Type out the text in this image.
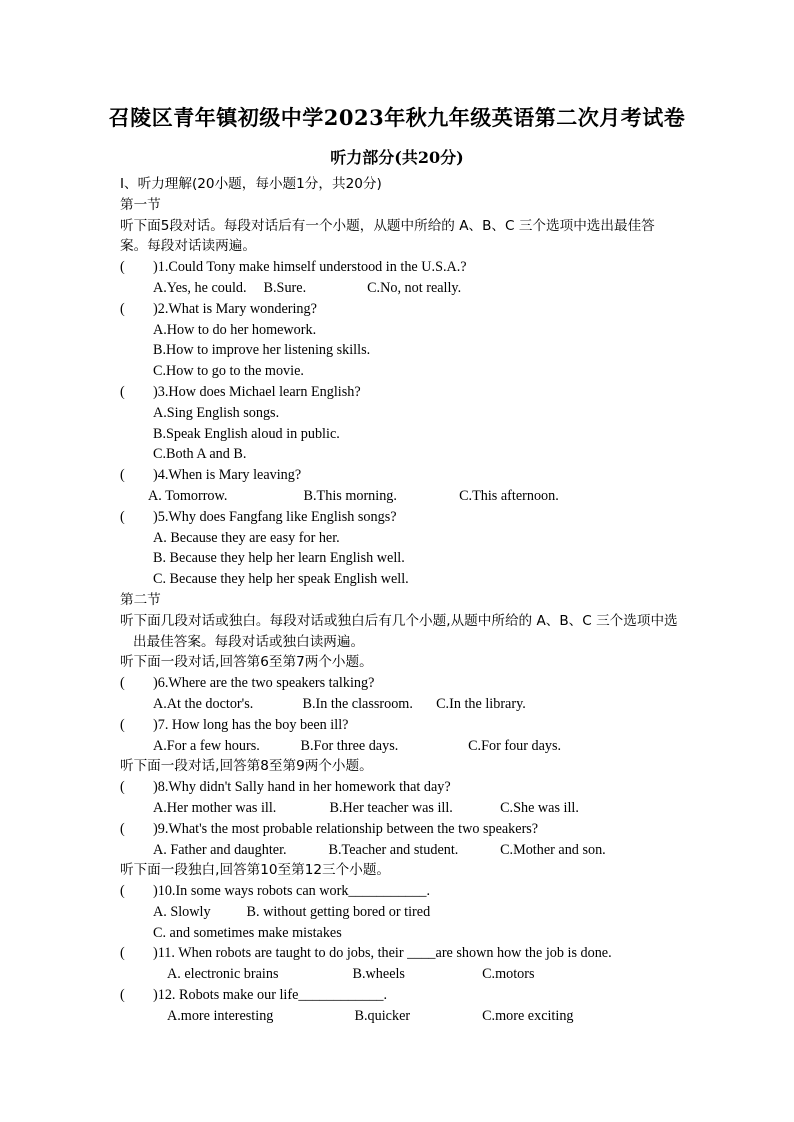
召陵区青年镇初级中学2023年秋九年级英语第二次月考试卷
听力部分(共20分)
I、听力理解(20小题，每小题1分，共20分)
第一节
听下面5段对话。每段对话后有一个小题，从题中所给的 A、B、C 三个选项中选出最佳答案。每段对话读两遍。
(	)1.Could Tony make himself understood in the U.S.A.?
A.Yes, he could. B.Sure.	C.No, not really.
(	)2.What is Mary wondering?
A.How to do her homework.
B.How to improve her listening skills.
C.How to go to the movie.
(	)3.How does Michael learn English?
A.Sing English songs.
B.Speak English aloud in public.
C.Both A and B.
(	)4.When is Mary leaving?
A. Tomorrow.	B.This morning.	C.This afternoon.
(	)5.Why does Fangfang like English songs?
A. Because they are easy for her.
B. Because they help her learn English well.
C. Because they help her speak English well.
第二节
听下面几段对话或独白。每段对话或独白后有几个小题,从题中所给的 A、B、C 三个选项中选出最佳答案。每段对话或独白读两遍。
听下面一段对话,回答第6至第7两个小题。
(	)6.Where are the two speakers talking?
A.At the doctor's.	B.In the classroom. C.In the library.
(	)7. How long has the boy been ill?
A.For a few hours.	B.For three days.	C.For four days.
听下面一段对话,回答第8至第9两个小题。
(	)8.Why didn't Sally hand in her homework that day?
A.Her mother was ill.	B.Her teacher was ill.	C.She was ill.
(	)9.What's the most probable relationship between the two speakers?
A. Father and daughter.	B.Teacher and student.	C.Mother and son.
听下面一段独白,回答第10至第12三个小题。
(	)10.In some ways robots can work___________.
A. Slowly	B. without getting bored or tired
C. and sometimes make mistakes
(	)11. When robots are taught to do jobs, their ____are shown how the job is done.
A. electronic brains	B.wheels	C.motors
(	)12. Robots make our life____________.
A.more interesting	B.quicker	C.more exciting
